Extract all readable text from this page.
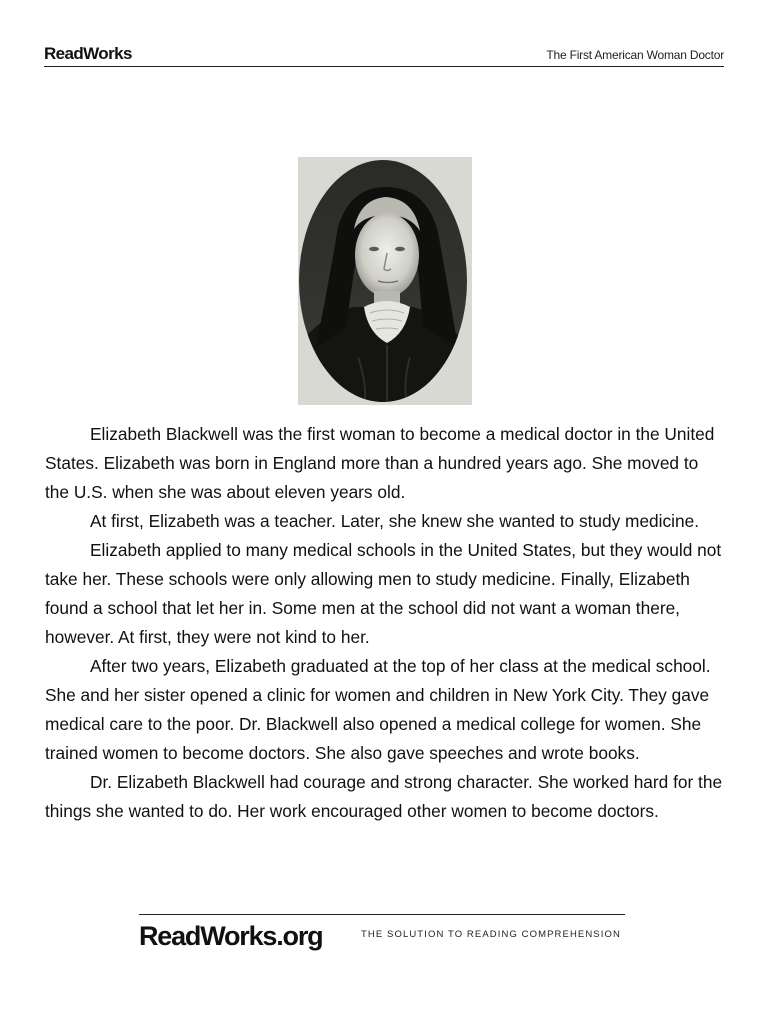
ReadWorks	The First American Woman Doctor

Elizabeth Blackwell was the first woman to become a medical doctor in the United States. Elizabeth was born in England more than a hundred years ago. She moved to the U.S. when she was about eleven years old.

At first, Elizabeth was a teacher. Later, she knew she wanted to study medicine.

Elizabeth applied to many medical schools in the United States, but they would not take her. These schools were only allowing men to study medicine. Finally, Elizabeth found a school that let her in. Some men at the school did not want a woman there, however. At first, they were not kind to her.

After two years, Elizabeth graduated at the top of her class at the medical school. She and her sister opened a clinic for women and children in New York City. They gave medical care to the poor. Dr. Blackwell also opened a medical college for women. She trained women to become doctors. She also gave speeches and wrote books.

Dr. Elizabeth Blackwell had courage and strong character. She worked hard for the things she wanted to do. Her work encouraged other women to become doctors.

ReadWorks.org	THE SOLUTION TO READING COMPREHENSION
